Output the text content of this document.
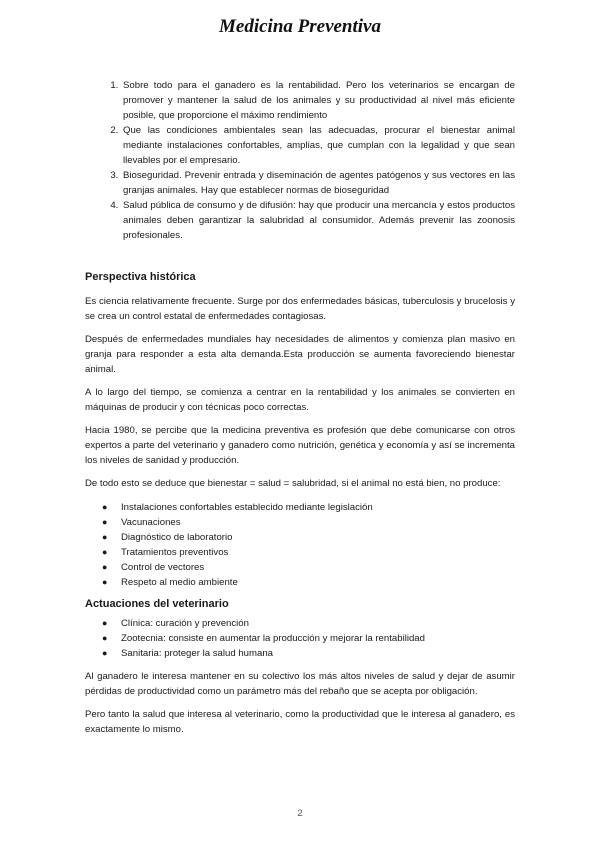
Medicina Preventiva
1. Sobre todo para el ganadero es la rentabilidad. Pero los veterinarios se encargan de promover y mantener la salud de los animales y su productividad al nivel más eficiente posible, que proporcione el máximo rendimiento
2. Que las condiciones ambientales sean las adecuadas, procurar el bienestar animal mediante instalaciones confortables, amplias, que cumplan con la legalidad y que sean llevables por el empresario.
3. Bioseguridad. Prevenir entrada y diseminación de agentes patógenos y sus vectores en las granjas animales. Hay que establecer normas de bioseguridad
4. Salud pública de consumo y de difusión: hay que producir una mercancía y estos productos animales deben garantizar la salubridad al consumidor. Además prevenir las zoonosis profesionales.
Perspectiva histórica

Es ciencia relativamente frecuente. Surge por dos enfermedades básicas, tuberculosis y brucelosis y se crea un control estatal de enfermedades contagiosas.

Después de enfermedades mundiales hay necesidades de alimentos y comienza plan masivo en granja para responder a esta alta demanda.Esta producción se aumenta favoreciendo bienestar animal.

A lo largo del tiempo, se comienza a centrar en la rentabilidad y los animales se convierten en máquinas de producir y con técnicas poco correctas.

Hacia 1980, se percibe que la medicina preventiva es profesión que debe comunicarse con otros expertos a parte del veterinario y ganadero como nutrición, genética y economía y así se incrementa los niveles de sanidad y producción.

De todo esto se deduce que bienestar = salud = salubridad, si el animal no está bien, no produce:

● Instalaciones confortables establecido mediante legislación
● Vacunaciones
● Diagnóstico de laboratorio
● Tratamientos preventivos
● Control de vectores
● Respeto al medio ambiente
Actuaciones del veterinario
● Clínica: curación y prevención
● Zootecnia: consiste en aumentar la producción y mejorar la rentabilidad
● Sanitaria: proteger la salud humana

Al ganadero le interesa mantener en su colectivo los más altos niveles de salud y dejar de asumir pérdidas de productividad como un parámetro más del rebaño que se acepta por obligación.

Pero tanto la salud que interesa al veterinario, como la productividad que le interesa al ganadero, es exactamente lo mismo.

2
